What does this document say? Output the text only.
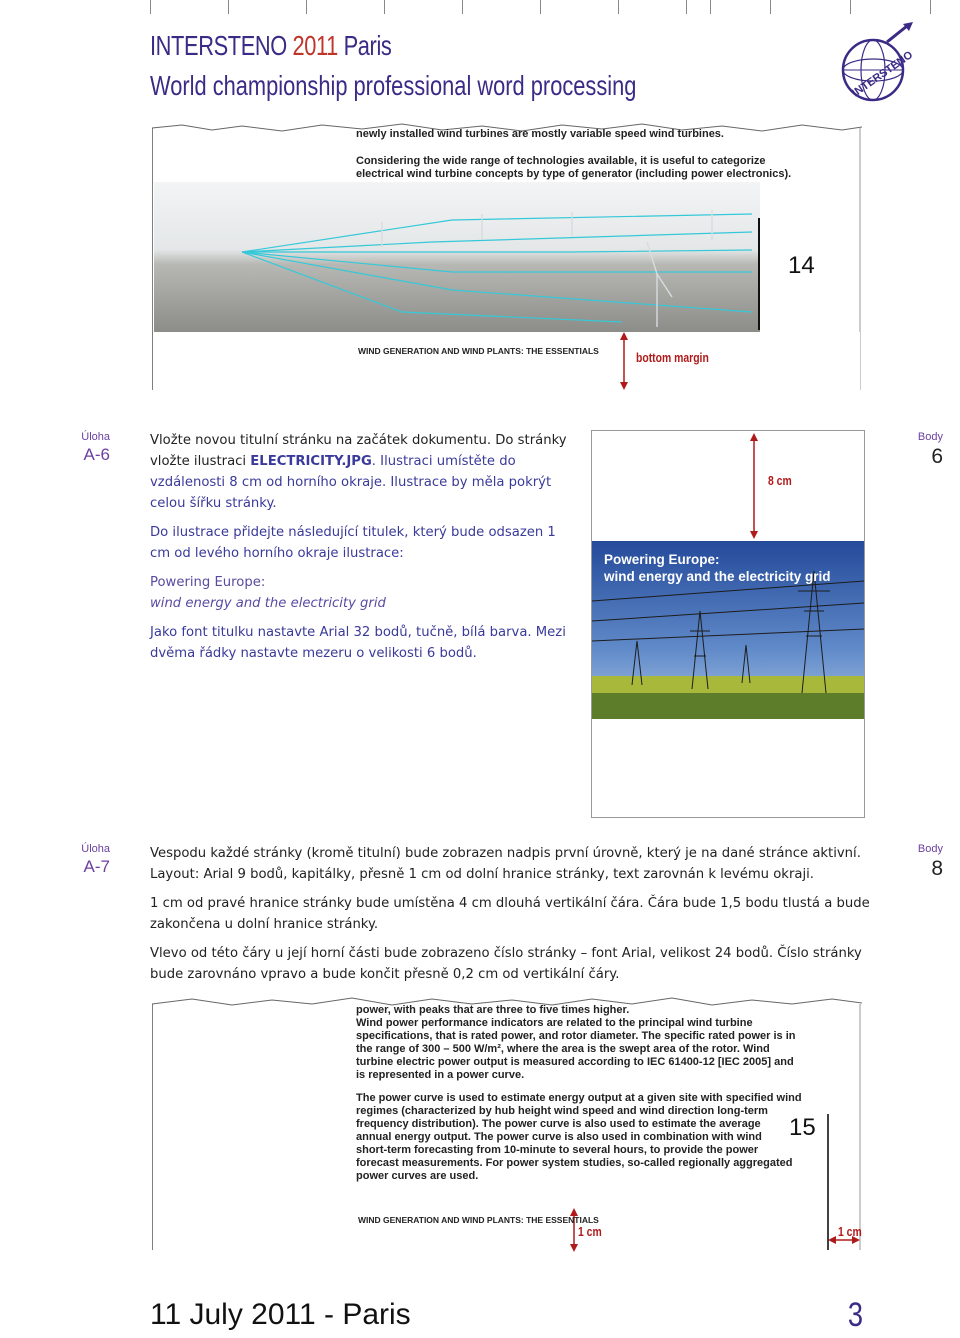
INTERSTENO 2011 Paris
World championship professional word processing	INTERSTENO
newly installed wind turbines are mostly variable speed wind turbines.
Considering the wide range of technologies available, it is useful to categorize
electrical wind turbine concepts by type of generator (including power electronics).
14
WIND GENERATION AND WIND PLANTS: THE ESSENTIALS	bottom margin
Úloha
A-6

Vložte novou titulní stránku na začátek dokumentu. Do stránky vložte ilustraci ELECTRICITY.JPG. Ilustraci umístěte do vzdálenosti 8 cm od horního okraje. Ilustrace by měla pokrýt celou šířku stránky.

Do ilustrace přidejte následující titulek, který bude odsazen 1 cm od levého horního okraje ilustrace:

Powering Europe:

wind energy and the electricity grid

Jako font titulku nastavte Arial 32 bodů, tučně, bílá barva. Mezi dvěma řádky nastavte mezeru o velikosti 6 bodů.

Body
6
8 cm
Powering Europe:
wind energy and the electricity grid
Úloha
A-7

Vespodu každé stránky (kromě titulní) bude zobrazen nadpis první úrovně, který je na dané stránce aktivní. Layout: Arial 9 bodů, kapitálky, přesně 1 cm od dolní hranice stránky, text zarovnán k levému okraji.

1 cm od pravé hranice stránky bude umístěna 4 cm dlouhá vertikální čára. Čára bude 1,5 bodu tlustá a bude zakončena u dolní hranice stránky.

Vlevo od této čáry u její horní části bude zobrazeno číslo stránky – font Arial, velikost 24 bodů. Číslo stránky bude zarovnáno vpravo a bude končit přesně 0,2 cm od vertikální čáry.

Body
8
power, with peaks that are three to five times higher.
Wind power performance indicators are related to the principal wind turbine
specifications, that is rated power, and rotor diameter. The specific rated power is in
the range of 300 – 500 W/m², where the area is the swept area of the rotor. Wind
turbine electric power output is measured according to IEC 61400-12 [IEC 2005] and
is represented in a power curve.
The power curve is used to estimate energy output at a given site with specified wind
regimes (characterized by hub height wind speed and wind direction long-term
frequency distribution). The power curve is also used to estimate the average
annual energy output. The power curve is also used in combination with wind
short-term forecasting from 10-minute to several hours, to provide the power
forecast measurements. For power system studies, so-called regionally aggregated
power curves are used.
15
WIND GENERATION AND WIND PLANTS: THE ESSENTIALS
1 cm	1 cm
11 July 2011 - Paris	3
